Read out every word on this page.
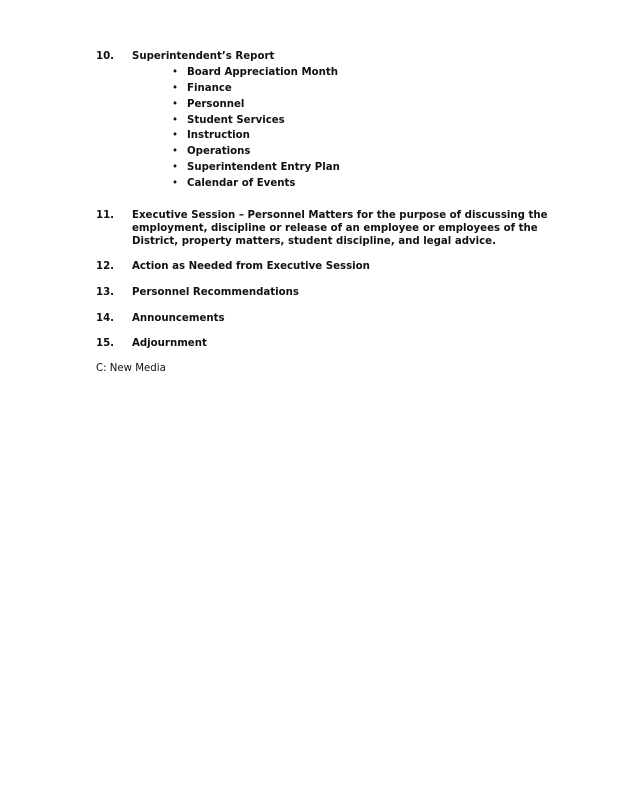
10. Superintendent’s Report
• Board Appreciation Month
• Finance
• Personnel
• Student Services
• Instruction
• Operations
• Superintendent Entry Plan
• Calendar of Events
11. Executive Session – Personnel Matters for the purpose of discussing the employment, discipline or release of an employee or employees of the District, property matters, student discipline, and legal advice.
12. Action as Needed from Executive Session
13. Personnel Recommendations
14. Announcements
15. Adjournment
C: New Media
